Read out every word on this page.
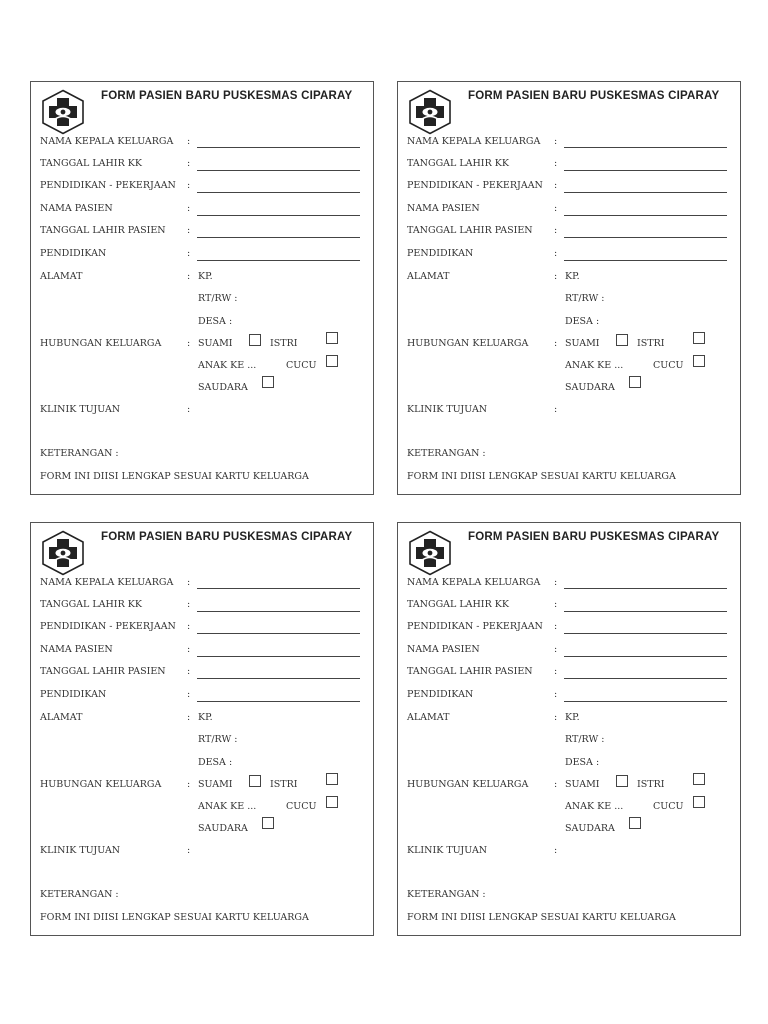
FORM PASIEN BARU PUSKESMAS CIPARAY
NAMA KEPALA KELUARGA :
TANGGAL LAHIR KK	:
PENDIDIKAN - PEKERJAAN :
NAMA PASIEN	:
TANGGAL LAHIR PASIEN :
PENDIDIKAN	:
ALAMAT	: KP.
RT/RW :
DESA :
HUBUNGAN KELUARGA	: SUAMI	ISTRI
ANAK KE ...	CUCU
SAUDARA
KLINIK TUJUAN	:
KETERANGAN :
FORM INI DIISI LENGKAP SESUAI KARTU KELUARGA
FORM PASIEN BARU PUSKESMAS CIPARAY
NAMA KEPALA KELUARGA :
TANGGAL LAHIR KK	:
PENDIDIKAN - PEKERJAAN :
NAMA PASIEN	:
TANGGAL LAHIR PASIEN :
PENDIDIKAN	:
ALAMAT	: KP.
RT/RW :
DESA :
HUBUNGAN KELUARGA	: SUAMI	ISTRI
ANAK KE ...	CUCU
SAUDARA
KLINIK TUJUAN	:
KETERANGAN :
FORM INI DIISI LENGKAP SESUAI KARTU KELUARGA
FORM PASIEN BARU PUSKESMAS CIPARAY
NAMA KEPALA KELUARGA :
TANGGAL LAHIR KK	:
PENDIDIKAN - PEKERJAAN :
NAMA PASIEN	:
TANGGAL LAHIR PASIEN :
PENDIDIKAN	:
ALAMAT	: KP.
RT/RW :
DESA :
HUBUNGAN KELUARGA	: SUAMI	ISTRI
ANAK KE ...	CUCU
SAUDARA
KLINIK TUJUAN	:
KETERANGAN :
FORM INI DIISI LENGKAP SESUAI KARTU KELUARGA
FORM PASIEN BARU PUSKESMAS CIPARAY
NAMA KEPALA KELUARGA :
TANGGAL LAHIR KK	:
PENDIDIKAN - PEKERJAAN :
NAMA PASIEN	:
TANGGAL LAHIR PASIEN :
PENDIDIKAN	:
ALAMAT	: KP.
RT/RW :
DESA :
HUBUNGAN KELUARGA	: SUAMI	ISTRI
ANAK KE ...	CUCU
SAUDARA
KLINIK TUJUAN	:
KETERANGAN :
FORM INI DIISI LENGKAP SESUAI KARTU KELUARGA
